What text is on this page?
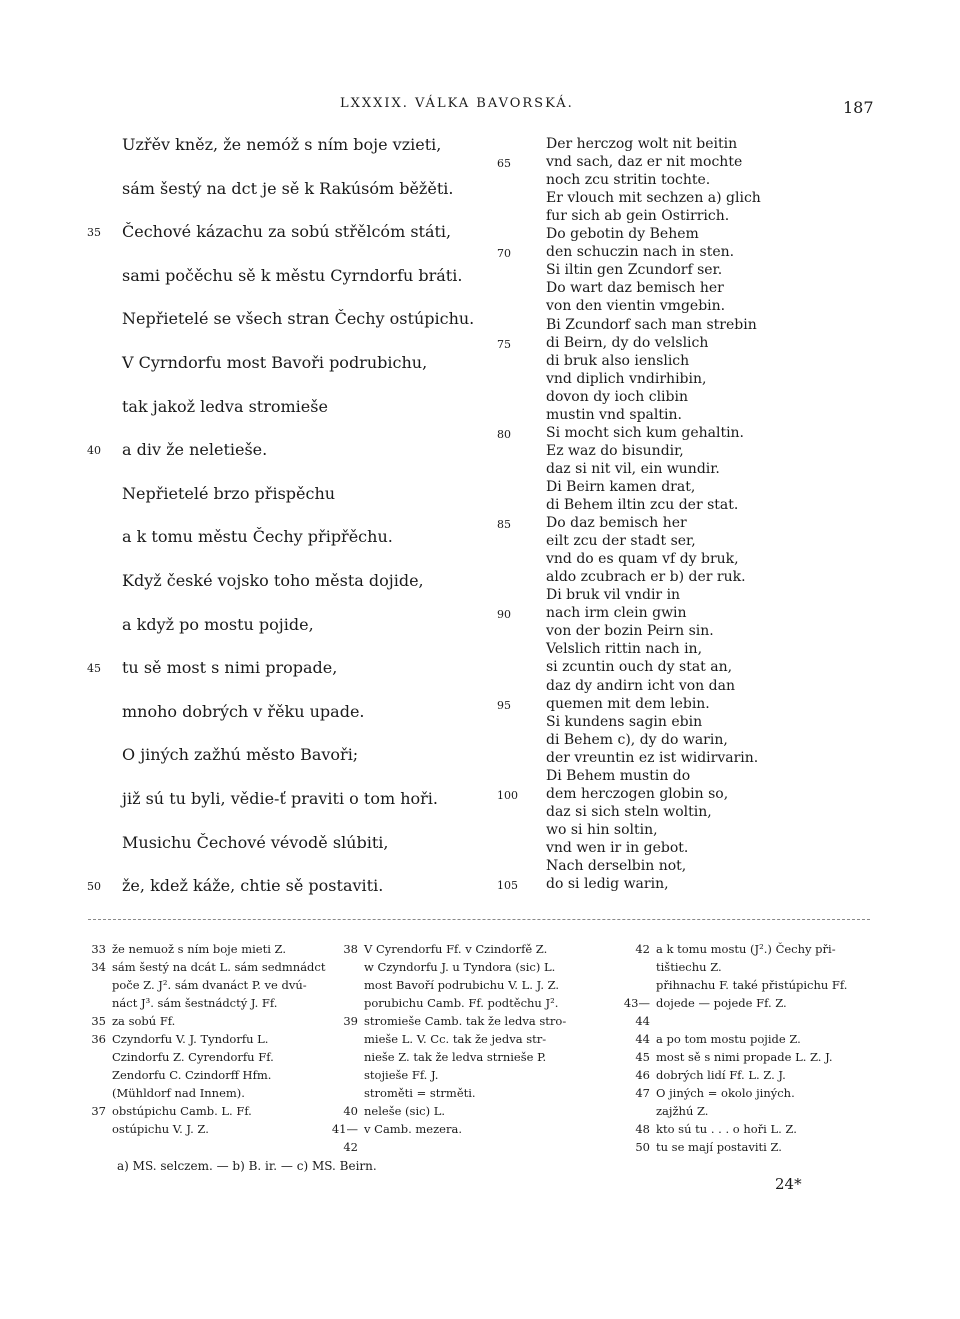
LXXXIX. VÁLKA BAVORSKÁ.	187
Uzřěv kněz, že nemóž s ním boje vzieti,
sám šestý na dct je sě k Rakúsóm běžěti.
Čechové kázachu za sobú střělcóm státi,
35
sami počěchu sě k městu Cyrndorfu bráti.
Nepřietelé se všech stran Čechy ostúpichu.
V Cyrndorfu most Bavoři podrubichu,
tak jakož ledva stromieše
a div že neletieše.
40
Nepřietelé brzo přispěchu
a k tomu městu Čechy připřěchu.
Když české vojsko toho města dojide,
a když po mostu pojide,
tu sě most s nimi propade,
45
mnoho dobrých v řěku upade.
O jiných zažhú město Bavoři;
již sú tu byli, vědie-ť praviti o tom hoři.
Musichu Čechové vévodě slúbiti,
že, kdež káže, chtie sě postaviti.
50
Der herczog wolt nit beitin
vnd sach, daz er nit mochte
65
noch zcu stritin tochte.
Er vlouch mit sechzen a) glich
fur sich ab gein Ostirrich.
Do gebotin dy Behem
den schuczin nach in sten.
70
Si iltin gen Zcundorf ser.
Do wart daz bemisch her
von den vientin vmgebin.
Bi Zcundorf sach man strebin
di Beirn, dy do velslich
75
di bruk also ienslich
vnd diplich vndirhibin,
dovon dy ioch clibin
mustin vnd spaltin.
Si mocht sich kum gehaltin.
80
Ez waz do bisundir,
daz si nit vil, ein wundir.
Di Beirn kamen drat,
di Behem iltin zcu der stat.
Do daz bemisch her
85
eilt zcu der stadt ser,
vnd do es quam vf dy bruk,
aldo zcubrach er b) der ruk.
Di bruk vil vndir in
nach irm clein gwin
90
von der bozin Peirn sin.
Velslich rittin nach in,
si zcuntin ouch dy stat an,
daz dy andirn icht von dan
quemen mit dem lebin.
95
Si kundens sagin ebin
di Behem c), dy do warin,
der vreuntin ez ist widirvarin.
Di Behem mustin do
dem herczogen globin so,
100
daz si sich steln woltin,
wo si hin soltin,
vnd wen ir in gebot.
Nach derselbin not,
do si ledig warin,
105
33 že nemuož s ním boje mieti Z.
34 sám šestý na dcát L. sám sedmnádct
poče Z. J². sám dvanáct P. ve dvú-
náct J³. sám šestnádctý J. Ff.
35 za sobú Ff.
36 Czyndorfu V. J. Tyndorfu L.
Czindorfu Z. Cyrendorfu Ff.
Zendorfu C. Czindorff Hfm.
(Mühldorf nad Innem).
37 obstúpichu Camb. L. Ff.
ostúpichu V. J. Z.
38 V Cyrendorfu Ff. v Czindorfě Z.
w Czyndorfu J. u Tyndora (sic) L.
most Bavoří podrubichu V. L. J. Z.
porubichu Camb. Ff. podtěchu J².
39 stromieše Camb. tak že ledva stro-
mieše L. V. Cc. tak že jedva str-
nieše Z. tak že ledva strnieše P.
stojieše Ff. J.
stroměti = strměti.
40 neleše (sic) L.
41—42
v Camb. mezera.
42 a k tomu mostu (J².) Čechy při-
tištiechu Z.
přihnachu F. také přistúpichu Ff.
43—44
dojede — pojede Ff. Z.
44 a po tom mostu pojide Z.
45 most sě s nimi propade L. Z. J.
46 dobrých lidí Ff. L. Z. J.
47 O jiných = okolo jiných.
zajžhú Z.
48 kto sú tu . . . o hoři L. Z.
50 tu se mají postaviti Z.
a) MS. selczem. — b) B. ir. — c) MS. Beirn.
24*
